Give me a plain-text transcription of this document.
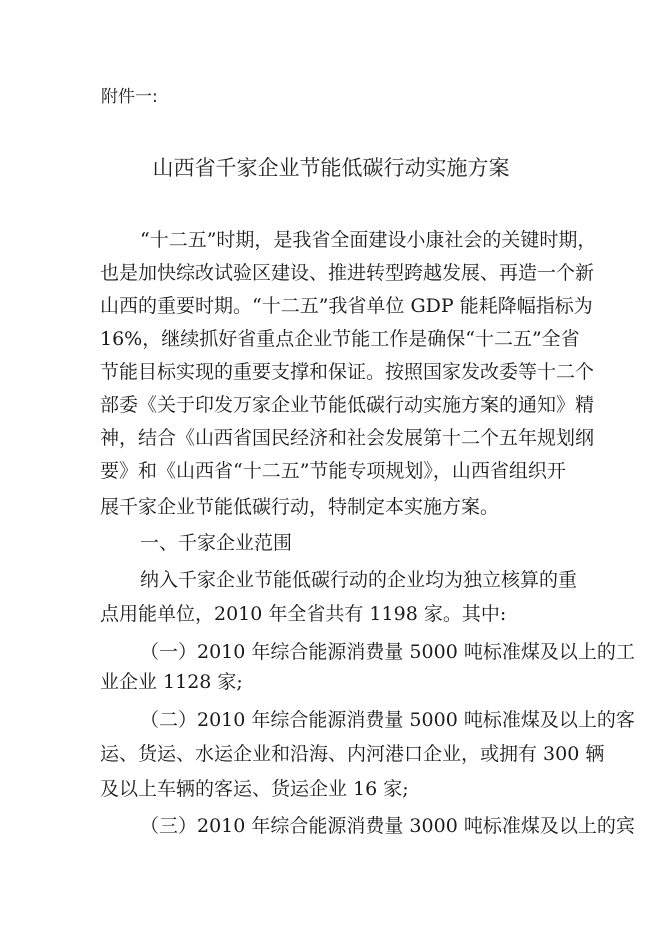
附件一:
山西省千家企业节能低碳行动实施方案
“十二五”时期，是我省全面建设小康社会的关键时期，
也是加快综改试验区建设、推进转型跨越发展、再造一个新
山西的重要时期。“十二五”我省单位 GDP 能耗降幅指标为
16%，继续抓好省重点企业节能工作是确保“十二五”全省
节能目标实现的重要支撑和保证。按照国家发改委等十二个
部委《关于印发万家企业节能低碳行动实施方案的通知》精
神，结合《山西省国民经济和社会发展第十二个五年规划纲
要》和《山西省“十二五”节能专项规划》，山西省组织开
展千家企业节能低碳行动，特制定本实施方案。
一、千家企业范围
纳入千家企业节能低碳行动的企业均为独立核算的重
点用能单位，2010 年全省共有 1198 家。其中:
（一）2010 年综合能源消费量 5000 吨标准煤及以上的工
业企业 1128 家;
（二）2010 年综合能源消费量 5000 吨标准煤及以上的客
运、货运、水运企业和沿海、内河港口企业，或拥有 300 辆
及以上车辆的客运、货运企业 16 家;
（三）2010 年综合能源消费量 3000 吨标准煤及以上的宾
